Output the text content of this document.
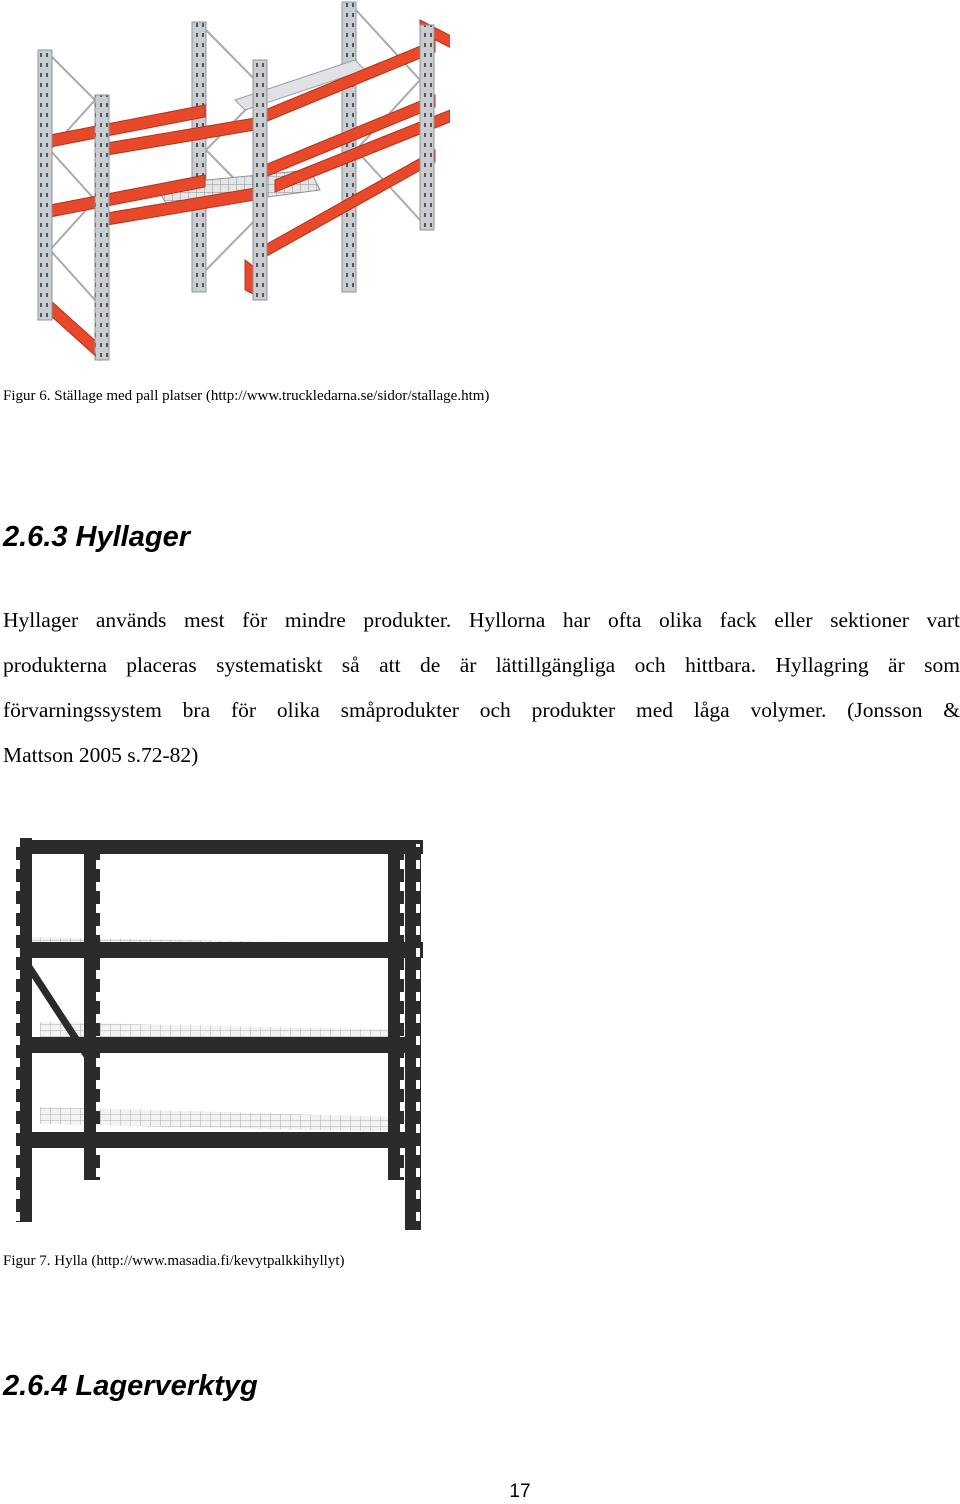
Figur 6. Ställage med pall platser (http://www.truckledarna.se/sidor/stallage.htm)
2.6.3 Hyllager
Hyllager används mest för mindre produkter. Hyllorna har ofta olika fack eller sektioner vart
produkterna placeras systematiskt så att de är lättillgängliga och hittbara. Hyllagring är som
förvarningssystem bra för olika småprodukter och produkter med låga volymer. (Jonsson &
Mattson 2005 s.72-82)
Figur 7. Hylla (http://www.masadia.fi/kevytpalkkihyllyt)
2.6.4 Lagerverktyg
17
